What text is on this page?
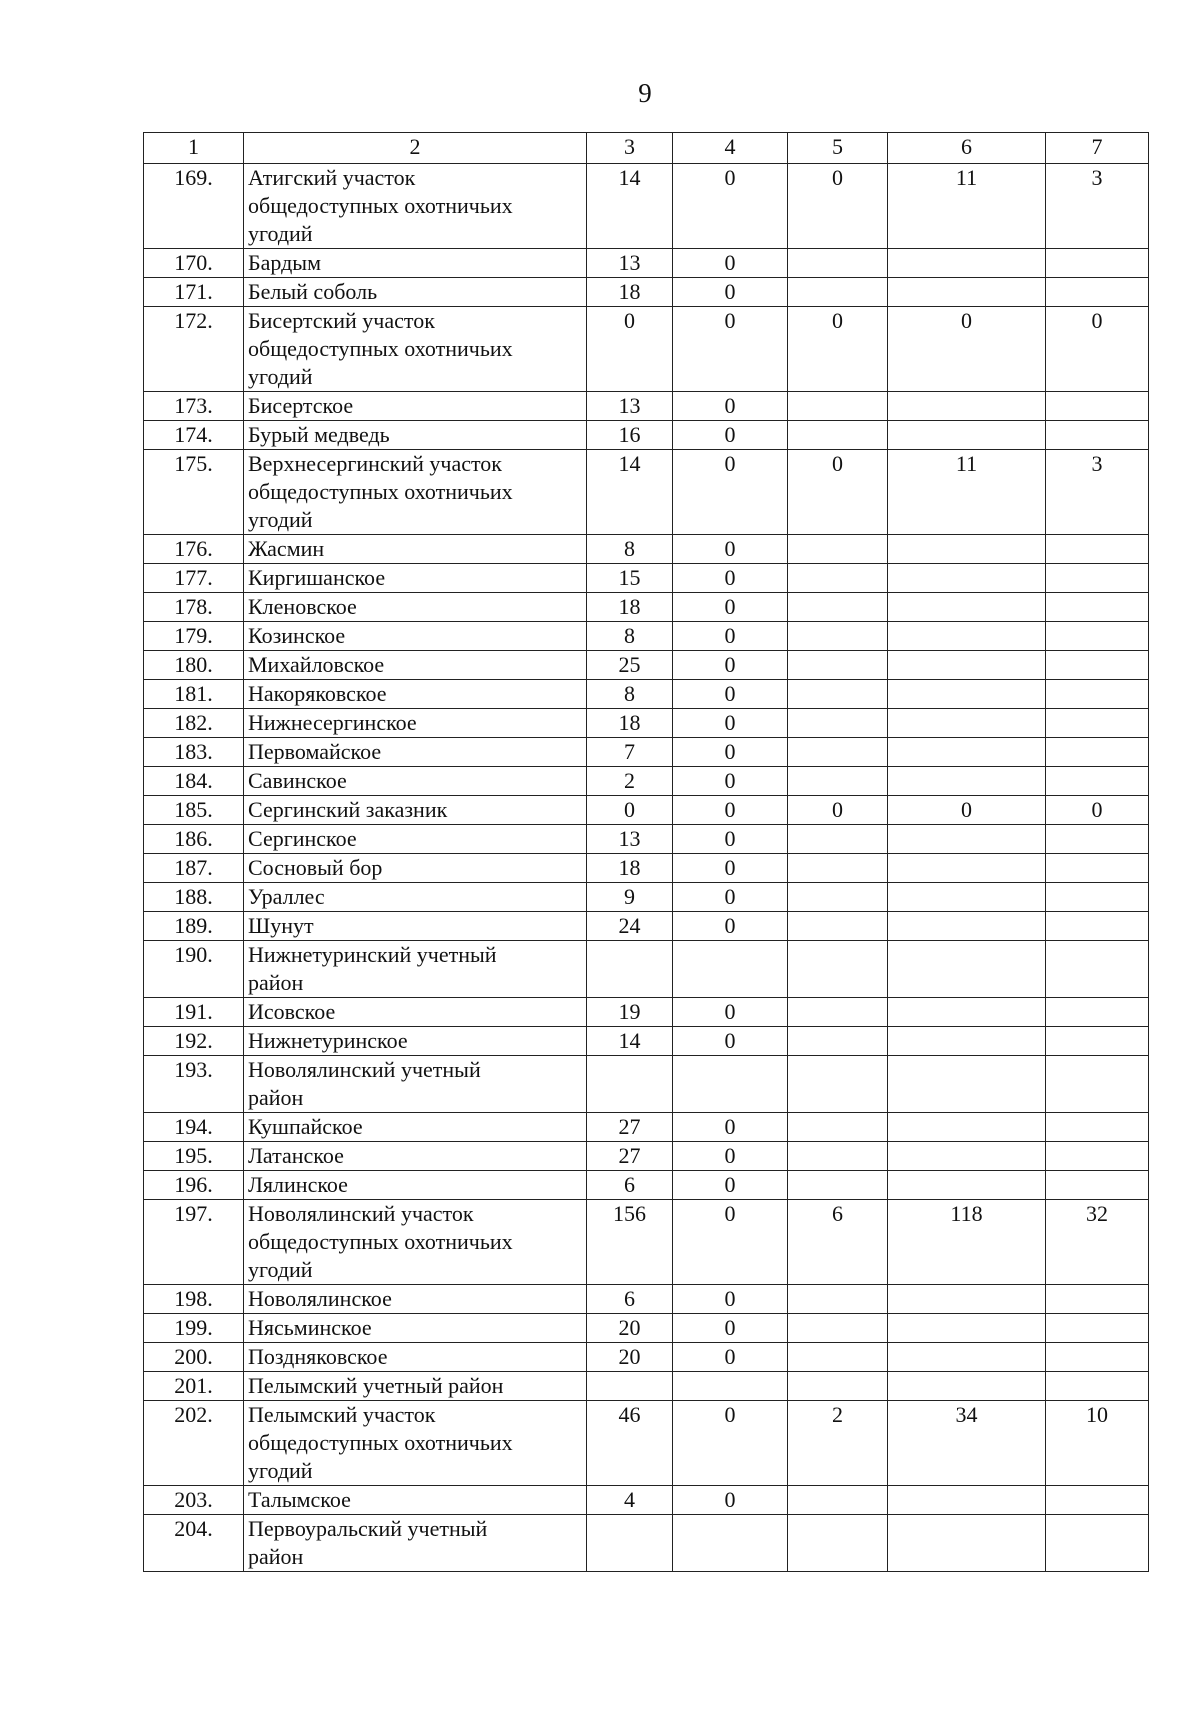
9
1	2	3	4	5	6	7
169.	Атигский участок
общедоступных охотничьих
угодий	14	0	0	11	3
170.	Бардым	13	0			
171.	Белый соболь	18	0			
172.	Бисертский участок
общедоступных охотничьих
угодий	0	0	0	0	0
173.	Бисертское	13	0			
174.	Бурый медведь	16	0			
175.	Верхнесергинский участок
общедоступных охотничьих
угодий	14	0	0	11	3
176.	Жасмин	8	0			
177.	Киргишанское	15	0			
178.	Кленовское	18	0			
179.	Козинское	8	0			
180.	Михайловское	25	0			
181.	Накоряковское	8	0			
182.	Нижнесергинское	18	0			
183.	Первомайское	7	0			
184.	Савинское	2	0			
185.	Сергинский заказник	0	0	0	0	0
186.	Сергинское	13	0			
187.	Сосновый бор	18	0			
188.	Ураллес	9	0			
189.	Шунут	24	0			
190.	Нижнетуринский учетный
район					

191.	Исовское	19	0			
192.	Нижнетуринское	14	0			
193.	Новолялинский учетный
район					

194.	Кушпайское	27	0			
195.	Латанское	27	0			
196.	Лялинское	6	0			
197.	Новолялинский участок
общедоступных охотничьих
угодий	156	0	6	118	32
198.	Новолялинское	6	0			
199.	Нясьминское	20	0			
200.	Поздняковское	20	0			
201.	Пелымский учетный район					

202.	Пелымский участок
общедоступных охотничьих
угодий	46	0	2	34	10
203.	Талымское	4	0			
204.	Первоуральский учетный
район					
